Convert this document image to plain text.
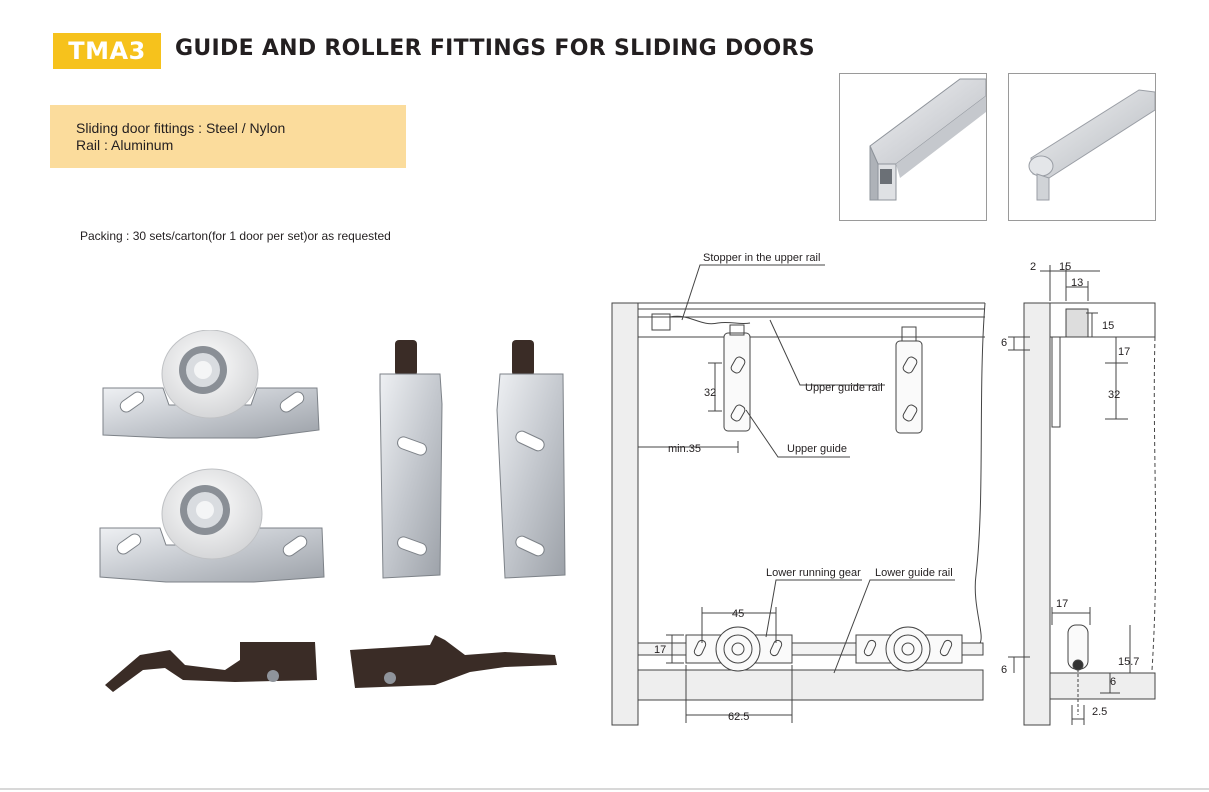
TMA3	GUIDE AND ROLLER FITTINGS FOR SLIDING DOORS
Sliding door fittings : Steel / Nylon
Rail : Aluminum
Packing : 30 sets/carton(for 1 door per set)or as requested
Stopper in the upper rail
Upper guide rail
Upper guide
min.35
Lower running gear Lower guide rail
32
45
17
62.5
2 15
13
15
6
17
32
17
6
15.7
6
2.5
